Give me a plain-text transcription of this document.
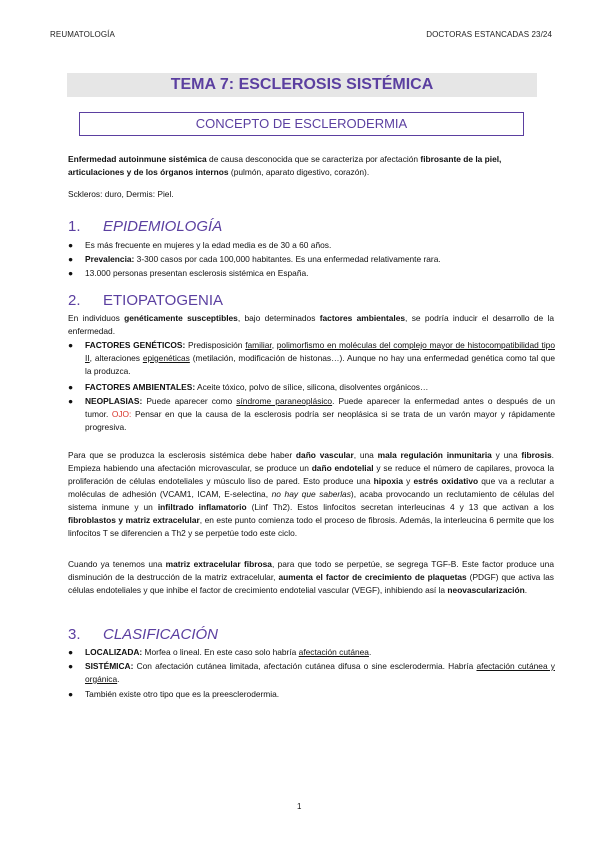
REUMATOLOGÍA	DOCTORAS ESTANCADAS 23/24
TEMA 7: ESCLEROSIS SISTÉMICA
CONCEPTO DE ESCLERODERMIA
Enfermedad autoinmune sistémica de causa desconocida que se caracteriza por afectación fibrosante de la piel, articulaciones y de los órganos internos (pulmón, aparato digestivo, corazón).
Sckleros: duro, Dermis: Piel.
1. EPIDEMIOLOGÍA
● Es más frecuente en mujeres y la edad media es de 30 a 60 años.
● Prevalencia: 3-300 casos por cada 100,000 habitantes. Es una enfermedad relativamente rara.
● 13.000 personas presentan esclerosis sistémica en España.
2. ETIOPATOGENIA
En individuos genéticamente susceptibles, bajo determinados factores ambientales, se podría inducir el desarrollo de la enfermedad.
● FACTORES GENÉTICOS: Predisposición familiar, polimorfismo en moléculas del complejo mayor de histocompatibilidad tipo II, alteraciones epigenéticas (metilación, modificación de histonas…). Aunque no hay una enfermedad genética como tal que la produzca.
● FACTORES AMBIENTALES: Aceite tóxico, polvo de sílice, silicona, disolventes orgánicos…
● NEOPLASIAS: Puede aparecer como síndrome paraneoplásico. Puede aparecer la enfermedad antes o después de un tumor. OJO: Pensar en que la causa de la esclerosis podría ser neoplásica si se trata de un varón mayor y rápidamente progresiva.
Para que se produzca la esclerosis sistémica debe haber daño vascular, una mala regulación inmunitaria y una fibrosis. Empieza habiendo una afectación microvascular, se produce un daño endotelial y se reduce el número de capilares, provoca la proliferación de células endoteliales y músculo liso de pared. Esto produce una hipoxia y estrés oxidativo que va a reclutar a moléculas de adhesión (VCAM1, ICAM, E-selectina, no hay que saberlas), acaba provocando un reclutamiento de células del sistema inmune y un infiltrado inflamatorio (Linf Th2). Estos linfocitos secretan interleucinas 4 y 13 que activan a los fibroblastos y matriz extracelular, en este punto comienza todo el proceso de fibrosis. Además, la interleucina 6 permite que los linfocitos T se diferencien a Th2 y se perpetúe todo este ciclo.
Cuando ya tenemos una matriz extracelular fibrosa, para que todo se perpetúe, se segrega TGF-B. Este factor produce una disminución de la destrucción de la matriz extracelular, aumenta el factor de crecimiento de plaquetas (PDGF) que activa las células endoteliales y que inhibe el factor de crecimiento endotelial vascular (VEGF), inhibiendo así la neovascularización.
3. CLASIFICACIÓN
● LOCALIZADA: Morfea o lineal. En este caso solo habría afectación cutánea.
● SISTÉMICA: Con afectación cutánea limitada, afectación cutánea difusa o sine esclerodermia. Habría afectación cutánea y orgánica.
● También existe otro tipo que es la preesclerodermia.
1
